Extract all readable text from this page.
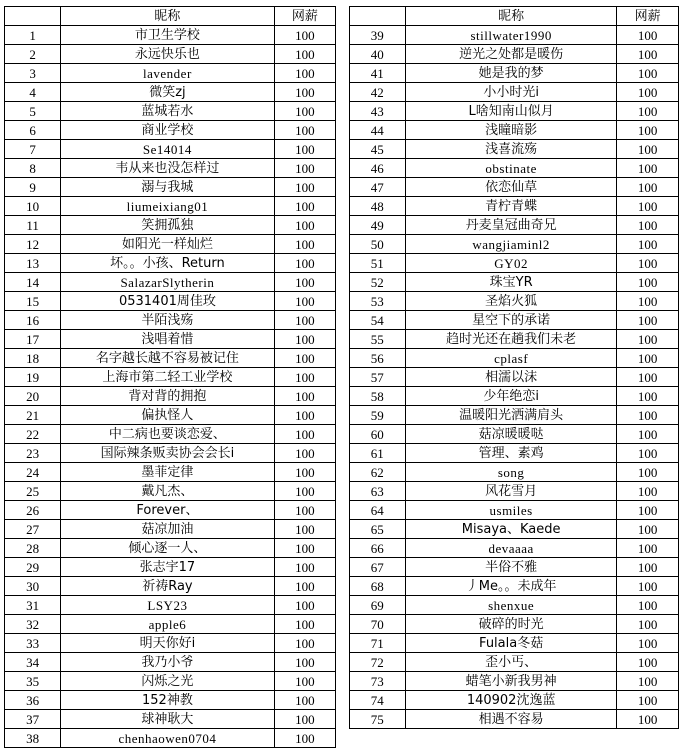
	昵称	网薪			昵称	网薪
1	市卫生学校	100		39	stillwater1990	100
2	永远快乐也	100		40	逆光之处都是暖伤	100
3	lavender	100		41	她是我的梦	100
4	微笑zj	100		42	小小时光i	100
5	蓝城若水	100		43	L啥知南山似月	100
6	商业学校	100		44	浅瞳暗影	100
7	Se14014	100		45	浅喜流殇	100
8	韦从来也没怎样过	100		46	obstinate	100
9	溺与我城	100		47	依恋仙草	100
10	liumeixiang01	100		48	青柠青蝶	100
11	笑拥孤独	100		49	丹麦皇冠曲奇兄	100
12	如阳光一样灿烂	100		50	wangjiaminl2	100
13	坏。。小孩、Return	100		51	GY02	100
14	SalazarSlytherin	100		52	珠宝YR	100
15	0531401周佳玫	100		53	圣焰火狐	100
16	半陌浅殇	100		54	星空下的承诺	100
17	浅唱着惜	100		55	趋时光还在趟我们未老	100
18	名字越长越不容易被记住	100		56	cplasf	100
19	上海市第二轻工业学校	100		57	相濡以沫	100
20	背对背的拥抱	100		58	少年绝恋i	100
21	偏执怪人	100		59	温暖阳光洒满肩头	100
22	中二病也要谈恋爱、	100		60	菇凉暖暖哒	100
23	国际辣条贩卖协会会长i	100		61	管理、素鸡	100
24	墨菲定律	100		62	song	100
25	戴凡杰、	100		63	风花雪月	100
26	Forever、	100		64	usmiles	100
27	菇凉加油	100		65	Misaya、Kaede	100
28	倾心逐一人、	100		66	devaaaa	100
29	张志宇17	100		67	半俗不雅	100
30	祈祷Ray	100		68	丿Me。。未成年	100
31	LSY23	100		69	shenxue	100
32	apple6	100		70	破碎的时光	100
33	明天你好i	100		71	Fulala冬菇	100
34	我乃小爷	100		72	歪小丐、	100
35	闪烁之光	100		73	蜡笔小新我男神	100
36	152神教	100		74	140902沈逸蓝	100
37	球神耿大	100		75	相遇不容易	100
38	chenhaowen0704	100				
